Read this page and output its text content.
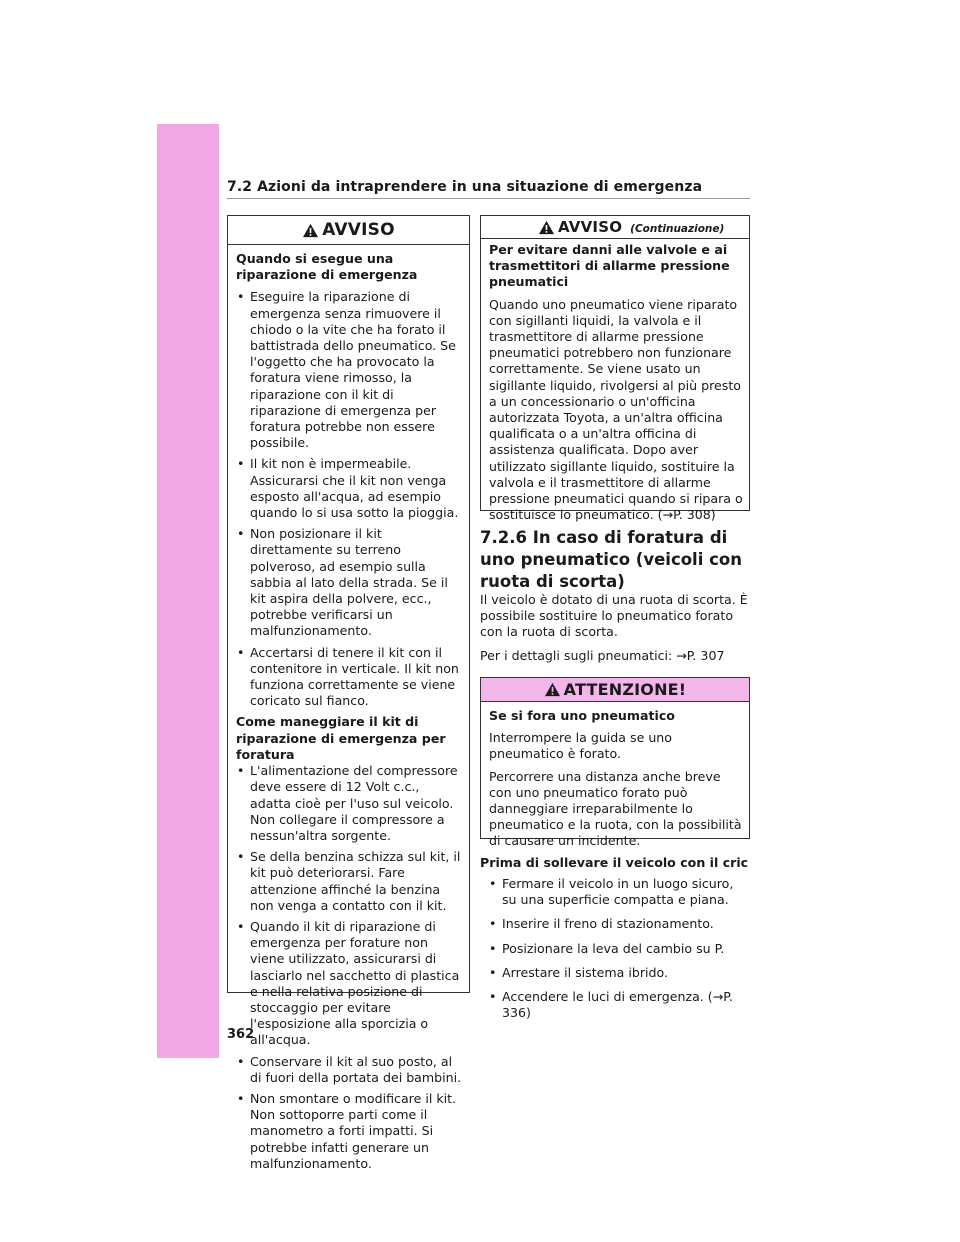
7.2 Azioni da intraprendere in una situazione di emergenza
AVVISO

Quando si esegue una riparazione di emergenza

• Eseguire la riparazione di emergenza senza rimuovere il chiodo o la vite che ha forato il battistrada dello pneumatico. Se l'oggetto che ha provocato la foratura viene rimosso, la riparazione con il kit di riparazione di emergenza per foratura potrebbe non essere possibile.
• Il kit non è impermeabile. Assicurarsi che il kit non venga esposto all'acqua, ad esempio quando lo si usa sotto la pioggia.
• Non posizionare il kit direttamente su terreno polveroso, ad esempio sulla sabbia al lato della strada. Se il kit aspira della polvere, ecc., potrebbe verificarsi un malfunzionamento.
• Accertarsi di tenere il kit con il contenitore in verticale. Il kit non funziona correttamente se viene coricato sul fianco.

Come maneggiare il kit di riparazione di emergenza per foratura

• L'alimentazione del compressore deve essere di 12 Volt c.c., adatta cioè per l'uso sul veicolo. Non collegare il compressore a nessun'altra sorgente.
• Se della benzina schizza sul kit, il kit può deteriorarsi. Fare attenzione affinché la benzina non venga a contatto con il kit.
• Quando il kit di riparazione di emergenza per forature non viene utilizzato, assicurarsi di lasciarlo nel sacchetto di plastica e nella relativa posizione di stoccaggio per evitare l'esposizione alla sporcizia o all'acqua.
• Conservare il kit al suo posto, al di fuori della portata dei bambini.
• Non smontare o modificare il kit. Non sottoporre parti come il manometro a forti impatti. Si potrebbe infatti generare un malfunzionamento.
AVVISO (Continuazione)

Per evitare danni alle valvole e ai trasmettitori di allarme pressione pneumatici

Quando uno pneumatico viene riparato con sigillanti liquidi, la valvola e il trasmettitore di allarme pressione pneumatici potrebbero non funzionare correttamente. Se viene usato un sigillante liquido, rivolgersi al più presto a un concessionario o un'officina autorizzata Toyota, a un'altra officina qualificata o a un'altra officina di assistenza qualificata. Dopo aver utilizzato sigillante liquido, sostituire la valvola e il trasmettitore di allarme pressione pneumatici quando si ripara o sostituisce lo pneumatico. (→P. 308)

7.2.6 In caso di foratura di uno pneumatico (veicoli con ruota di scorta)

Il veicolo è dotato di una ruota di scorta. È possibile sostituire lo pneumatico forato con la ruota di scorta.

Per i dettagli sugli pneumatici: →P. 307

ATTENZIONE!

Se si fora uno pneumatico

Interrompere la guida se uno pneumatico è forato.

Percorrere una distanza anche breve con uno pneumatico forato può danneggiare irreparabilmente lo pneumatico e la ruota, con la possibilità di causare un incidente.

Prima di sollevare il veicolo con il cric
• Fermare il veicolo in un luogo sicuro, su una superficie compatta e piana.
• Inserire il freno di stazionamento.
• Posizionare la leva del cambio su P.
• Arrestare il sistema ibrido.
• Accendere le luci di emergenza. (→P. 336)
362
